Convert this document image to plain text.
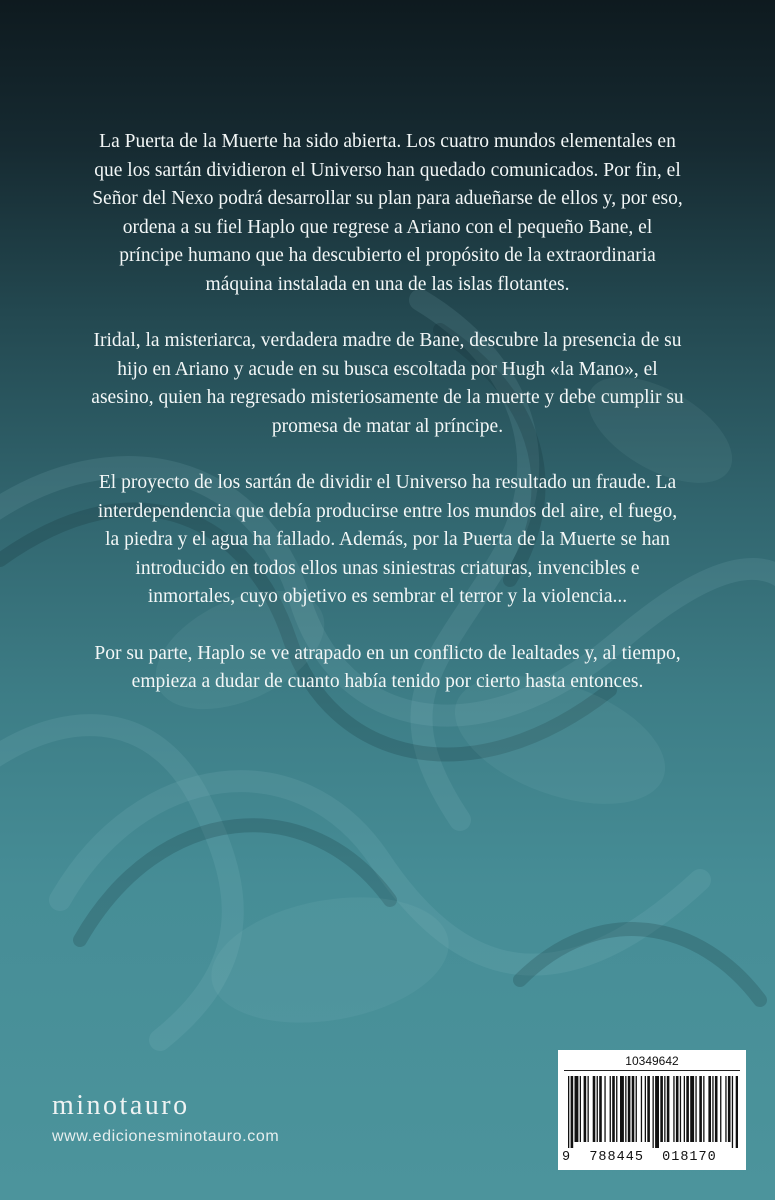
La Puerta de la Muerte ha sido abierta. Los cuatro mundos elementales en que los sartán dividieron el Universo han quedado comunicados. Por fin, el Señor del Nexo podrá desarrollar su plan para adueñarse de ellos y, por eso, ordena a su fiel Haplo que regrese a Ariano con el pequeño Bane, el príncipe humano que ha descubierto el propósito de la extraordinaria máquina instalada en una de las islas flotantes.

Iridal, la misteriarca, verdadera madre de Bane, descubre la presencia de su hijo en Ariano y acude en su busca escoltada por Hugh «la Mano», el asesino, quien ha regresado misteriosamente de la muerte y debe cumplir su promesa de matar al príncipe.

El proyecto de los sartán de dividir el Universo ha resultado un fraude. La interdependencia que debía producirse entre los mundos del aire, el fuego, la piedra y el agua ha fallado. Además, por la Puerta de la Muerte se han introducido en todos ellos unas siniestras criaturas, invencibles e inmortales, cuyo objetivo es sembrar el terror y la violencia...

Por su parte, Haplo se ve atrapado en un conflicto de lealtades y, al tiempo, empieza a dudar de cuanto había tenido por cierto hasta entonces.

minotauro
www.edicionesminotauro.com
10349642
9 788445 018170
